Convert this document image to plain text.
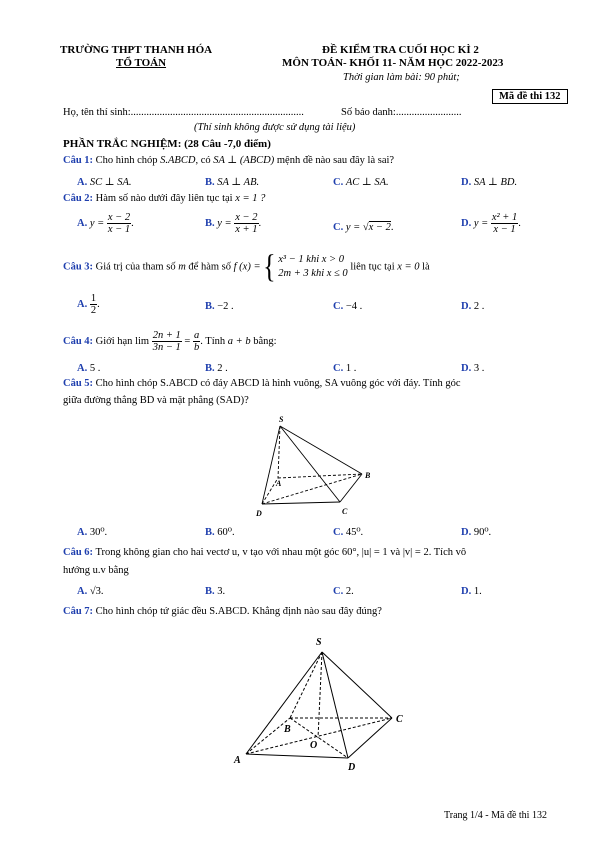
TRƯỜNG THPT THANH HÓA
TỔ TOÁN
ĐỀ KIỂM TRA CUỐI HỌC KÌ 2
MÔN TOÁN- KHỐI 11- NĂM HỌC 2022-2023
Thời gian làm bài: 90 phút;
Mã đề thi 132
Họ, tên thí sinh:..................................................................	Số báo danh:.........................
(Thí sinh không được sử dụng tài liệu)
PHẦN TRẮC NGHIỆM: (28 Câu -7,0 điểm)
Câu 1: Cho hình chóp S.ABCD, có SA ⊥ (ABCD) mệnh đề nào sau đây là sai?
A. SC ⊥ SA.	B. SA ⊥ AB.	C. AC ⊥ SA.	D. SA ⊥ BD.
Câu 2: Hàm số nào dưới đây liên tục tại x = 1 ?
A. $y = \frac{x - 2}{x - 1}$ .	B. $y = \frac{x - 2}{x + 1}$ .	C. y = √x − 2.	D. $y = \frac{\text{x² + 1}}{x - 1}$ .
Câu 3: Giá trị của tham số m để hàm số f (x) = { x³ − 1 khi x > 0
2m + 3 khi x ≤ 0
liên tục tại x = 0 là
A. $\frac{1}{2}$ .	B. −2 .	C. −4 .	D. 2 .
Câu 4: Giới hạn $\lim \frac{2n + 1}{3n - 1} = \frac{a}{b}$ . Tính a + b bằng:
A. 5 .	B. 2 .	C. 1 .	D. 3 .
Câu 5: Cho hình chóp S.ABCD có đáy ABCD là hình vuông, SA vuông góc với đáy. Tính góc
giữa đường thẳng BD và mặt phẳng (SAD)?
S
A
B
C
D
A. 30⁰.	B. 60⁰.	C. 45⁰.	D. 90⁰.
Câu 6: Trong không gian cho hai vectơ u, v tạo với nhau một góc 60°, |u| = 1 và |v| = 2. Tích vô
hướng u.v bằng
A. √3.	B. 3.	C. 2.	D. 1.
Câu 7: Cho hình chóp tứ giác đều S.ABCD. Khẳng định nào sau đây đúng?
S
A
B
C
D
O
Trang 1/4 - Mã đề thi 132
